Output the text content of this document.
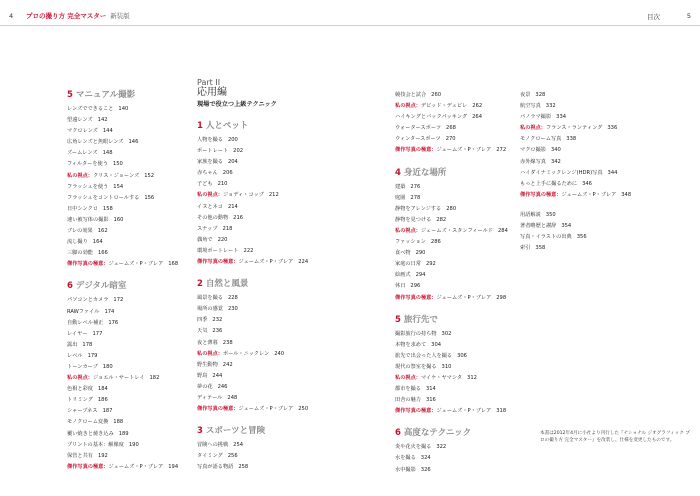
4 プロの撮り方 完全マスター 新装版	目次	5
5 マニュアル撮影
レンズでできること 140
望遠レンズ 142
マクロレンズ 144
広角レンズと魚眼レンズ 146
ズームレンズ 148
フィルターを使う 150
私の視点：クリス・ジョーンズ 152
フラッシュを使う 154
フラッシュをコントロールする 156
日中シンクロ 158
速い被写体の撮影 160
ブレの効果 162
流し撮り 164
三脚の効能 166
傑作写真の極意：ジェームズ・P・ブレア 168
6 デジタル暗室
パソコンとカメラ 172
RAWファイル 174
自動レベル補正 176
レイヤー 177
露出 178
レベル 179
トーンカーブ 180
私の視点：ジョエル・サートレイ 182
色相と彩度 184
トリミング 186
シャープネス 187
モノクローム変換 188
覆い焼きと焼き込み 189
プリントの基本：解像度 190
保管と共有 192
傑作写真の極意：ジェームズ・P・ブレア 194
Part II
応用編
現場で役立つ上級テクニック
1 人とペット
人物を撮る 200
ポートレート 202
家族を撮る 204
赤ちゃん 206
子ども 210
私の視点：ジョディ・コッブ 212
イヌとネコ 214
その他の動物 216
スナップ 218
偶角で 220
環境ポートレート 222
傑作写真の極意：ジェームズ・P・ブレア 224
2 自然と風景
風景を撮る 228
場所の感覚 230
四季 232
天気 236
夜と薄暮 238
私の視点：ポール・ニックレン 240
野生動物 242
野鳥 244
夢の花 246
ディテール 248
傑作写真の極意：ジェームズ・P・ブレア 250
3 スポーツと冒険
冒険への挑戦 254
タイミング 256
写真が語る物語 258
競技会と試合 260
私の視点：デビッド・デュビレ 262
ハイキングとバックパッキング 264
ウォータースポーツ 268
ウィンタースポーツ 270
傑作写真の極意：ジェームズ・P・ブレア 272
4 身近な場所
建築 276
庭園 278
静物をアレンジする 280
静物を見つける 282
私の視点：ジェームズ・スタンフィールド 284
ファッション 286
食べ物 290
家庭の日常 292
絵画式 294
休日 296
傑作写真の極意：ジェームズ・P・ブレア 298
5 旅行先で
撮影旅行の持ち物 302
本物を求めて 304
旅先で出会った人を撮る 306
現代の祭室を撮る 310
私の視点：マイケ・ヤマシタ 312
都市を撮る 314
田舎の魅力 316
傑作写真の極意：ジェームズ・P・ブレア 318
6 高度なテクニック
炎や花火を撮る 322
水を撮る 324
水中撮影 326
夜景 328
航空写真 332
パノラマ撮影 334
私の視点：フランス・ランティング 336
モノクローム写真 338
マクロ撮影 340
赤外線写真 342
ハイダイナミックレンジ(HDR)写真 344
もっと上手に撮るために 346
傑作写真の極意：ジェームズ・P・ブレア 348
用語解説 350
著者略歴と謝辞 354
写真・イラストの出典 356
索引 358
本書は2012年4月に小社より刊行した『ナショナル ジオグラフィック プロの撮り方 完全マスター』を改装し、仕様を変更したものです。
